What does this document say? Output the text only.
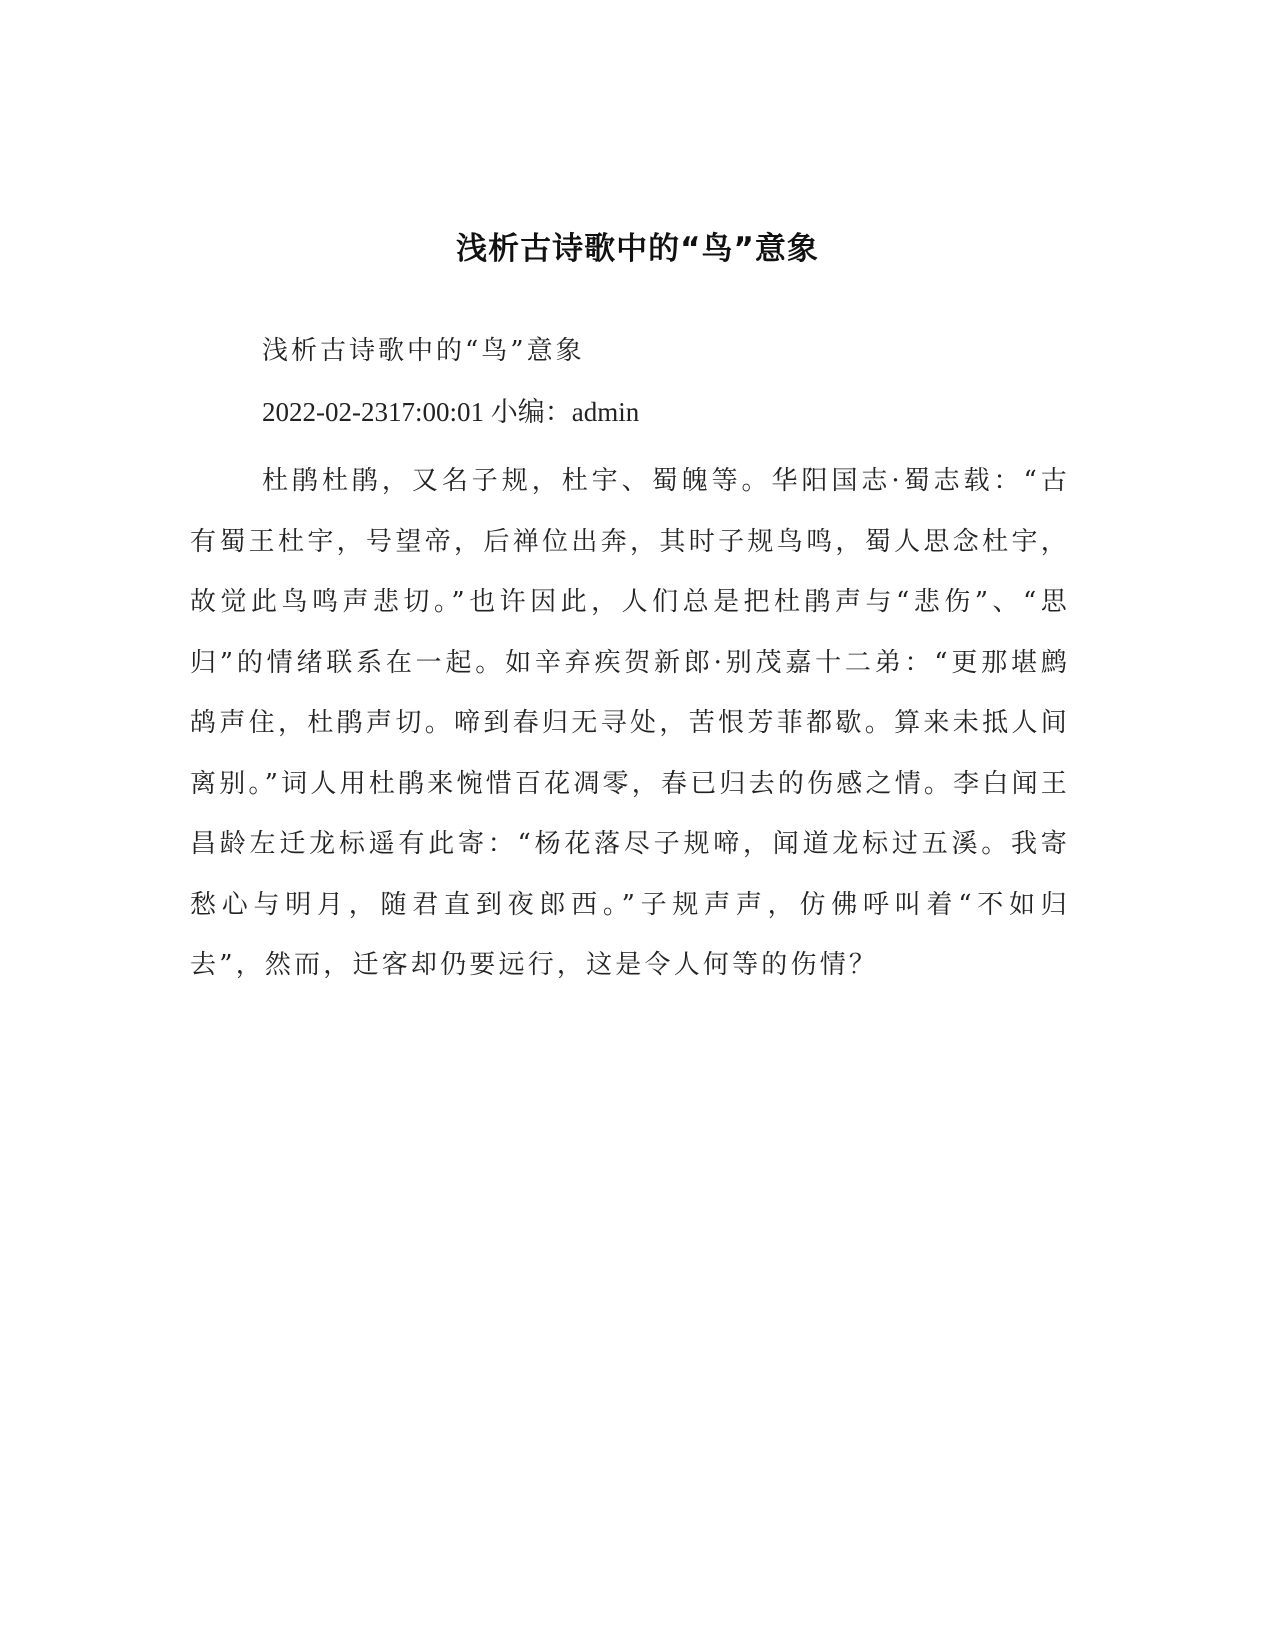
浅析古诗歌中的“鸟”意象

浅析古诗歌中的“鸟”意象

2022-02-2317:00:01 小编：admin

杜鹃杜鹃，又名子规，杜宇、蜀魄等。华阳国志·蜀志载：“古有蜀王杜宇，号望帝，后禅位出奔，其时子规鸟鸣，蜀人思念杜宇，故觉此鸟鸣声悲切。”也许因此，人们总是把杜鹃声与“悲伤”、“思归”的情绪联系在一起。如辛弃疾贺新郎·别茂嘉十二弟：“更那堪鹧鸪声住，杜鹃声切。啼到春归无寻处，苦恨芳菲都歇。算来未抵人间离别。”词人用杜鹃来惋惜百花凋零，春已归去的伤感之情。李白闻王昌龄左迁龙标遥有此寄：“杨花落尽子规啼，闻道龙标过五溪。我寄愁心与明月，随君直到夜郎西。”子规声声，仿佛呼叫着“不如归去”，然而，迁客却仍要远行，这是令人何等的伤情？
